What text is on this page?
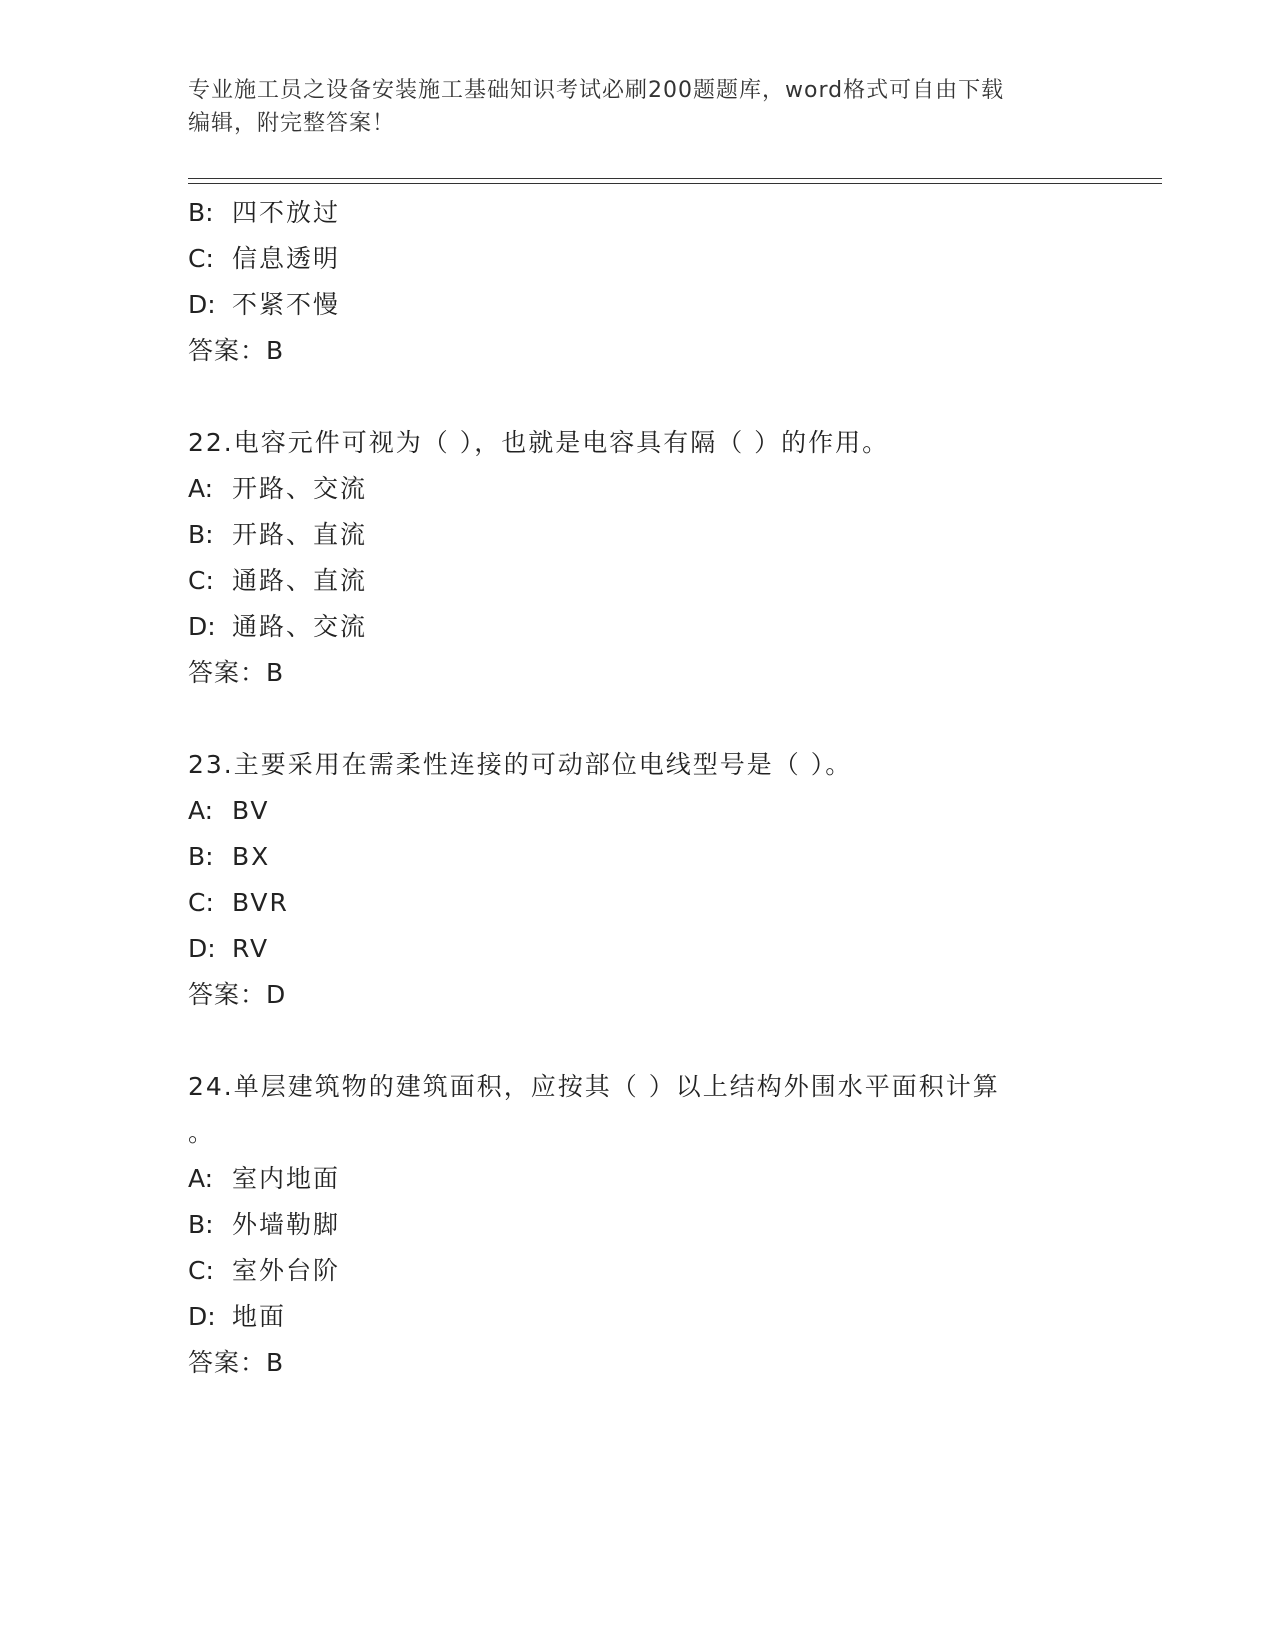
专业施工员之设备安装施工基础知识考试必刷200题题库，word格式可自由下载
编辑，附完整答案！
B: 四不放过
C: 信息透明
D: 不紧不慢
答案：B
22.电容元件可视为（ ），也就是电容具有隔（ ）的作用。
A: 开路、交流
B: 开路、直流
C: 通路、直流
D: 通路、交流
答案：B
23.主要采用在需柔性连接的可动部位电线型号是（ ）。
A: BV
B: BX
C: BVR
D: RV
答案：D
24.单层建筑物的建筑面积，应按其（ ）以上结构外围水平面积计算
。
A: 室内地面
B: 外墙勒脚
C: 室外台阶
D: 地面
答案：B
